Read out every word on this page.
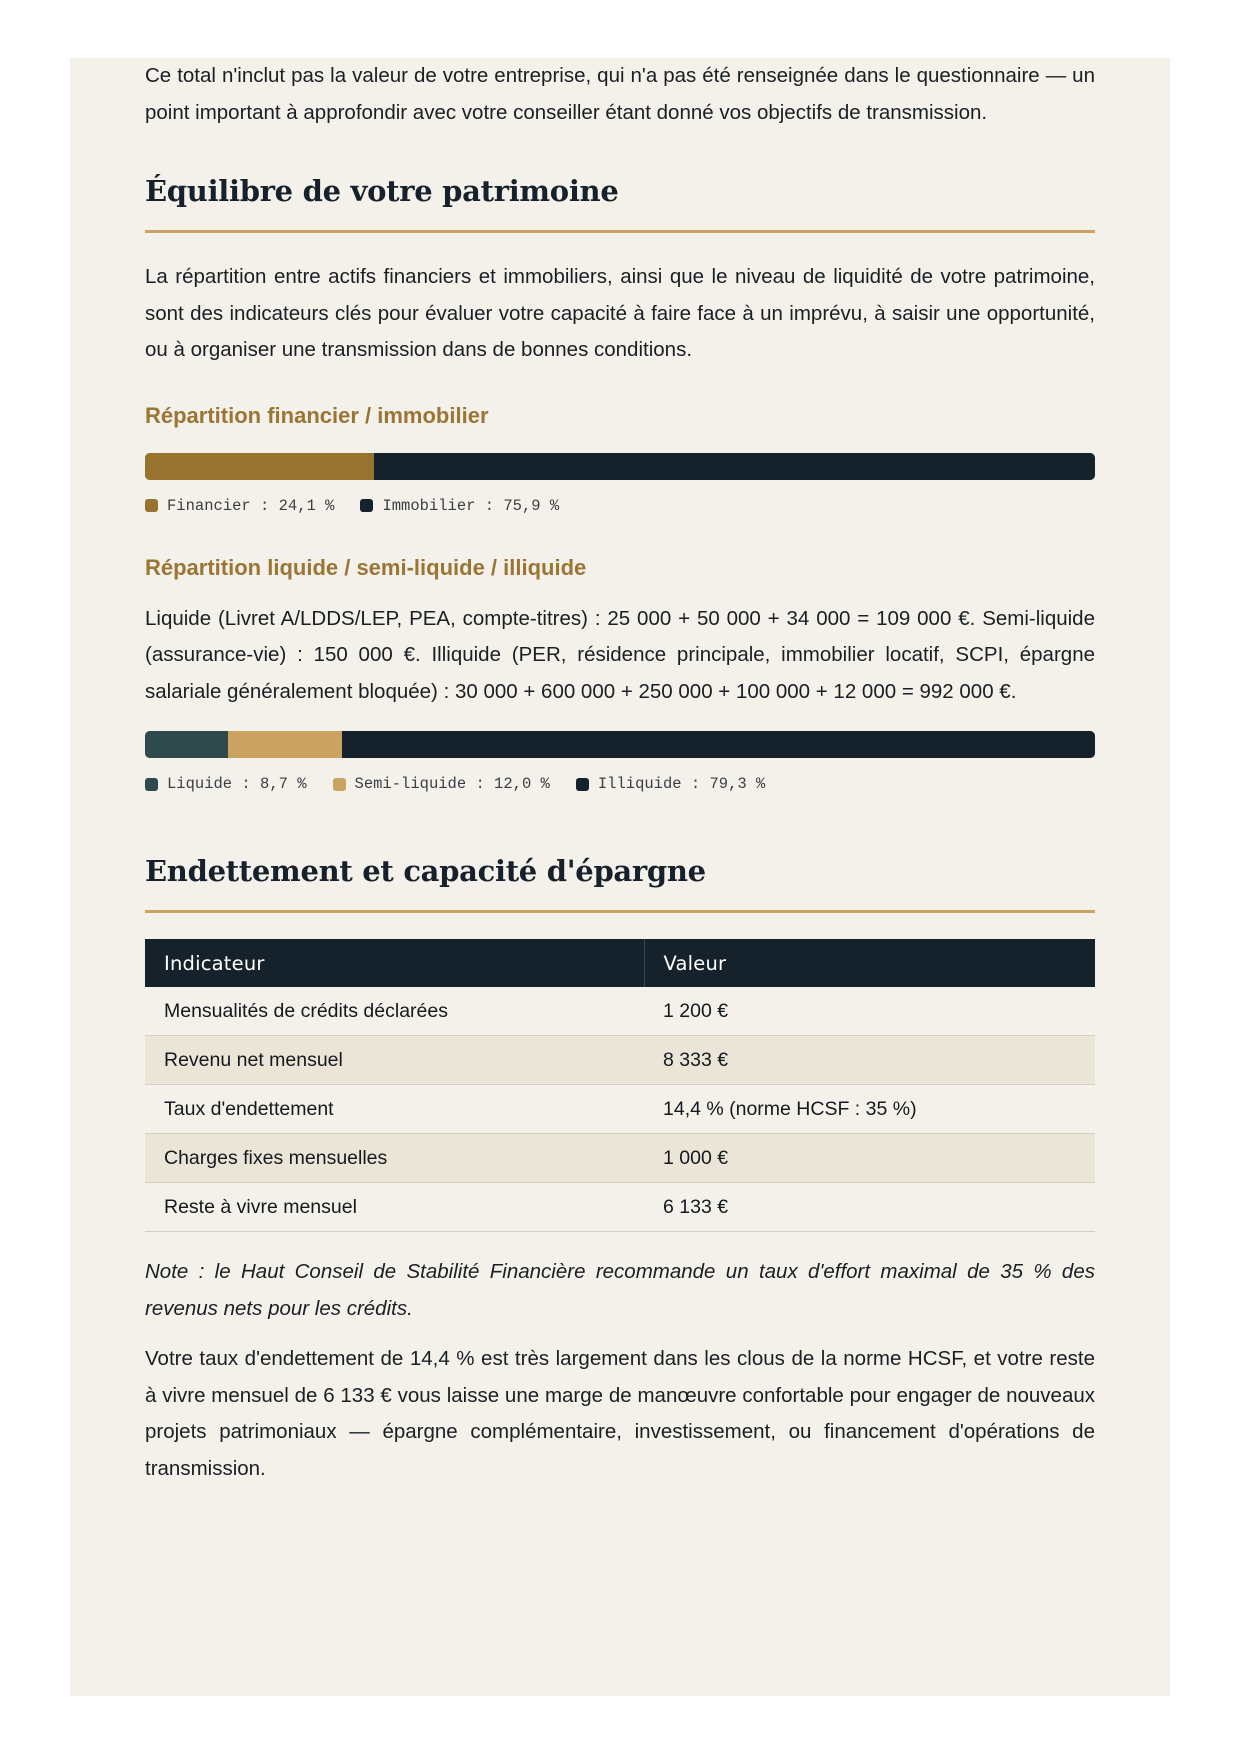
Ce total n'inclut pas la valeur de votre entreprise, qui n'a pas été renseignée dans le questionnaire — un point important à approfondir avec votre conseiller étant donné vos objectifs de transmission.

Équilibre de votre patrimoine

La répartition entre actifs financiers et immobiliers, ainsi que le niveau de liquidité de votre patrimoine, sont des indicateurs clés pour évaluer votre capacité à faire face à un imprévu, à saisir une opportunité, ou à organiser une transmission dans de bonnes conditions.

Répartition financier / immobilier
Financier : 24,1 %	Immobilier : 75,9 %
Répartition liquide / semi-liquide / illiquide

Liquide (Livret A/LDDS/LEP, PEA, compte-titres) : 25 000 + 50 000 + 34 000 = 109 000 €. Semi-liquide (assurance-vie) : 150 000 €. Illiquide (PER, résidence principale, immobilier locatif, SCPI, épargne salariale généralement bloquée) : 30 000 + 600 000 + 250 000 + 100 000 + 12 000 = 992 000 €.

Liquide : 8,7 %	Semi-liquide : 12,0 %	Illiquide : 79,3 %
Endettement et capacité d'épargne
Indicateur	Valeur
Mensualités de crédits déclarées	1 200 €
Revenu net mensuel	8 333 €
Taux d'endettement	14,4 % (norme HCSF : 35 %)
Charges fixes mensuelles	1 000 €
Reste à vivre mensuel	6 133 €

Note : le Haut Conseil de Stabilité Financière recommande un taux d'effort maximal de 35 % des revenus nets pour les crédits.

Votre taux d'endettement de 14,4 % est très largement dans les clous de la norme HCSF, et votre reste à vivre mensuel de 6 133 € vous laisse une marge de manœuvre confortable pour engager de nouveaux projets patrimoniaux — épargne complémentaire, investissement, ou financement d'opérations de transmission.
